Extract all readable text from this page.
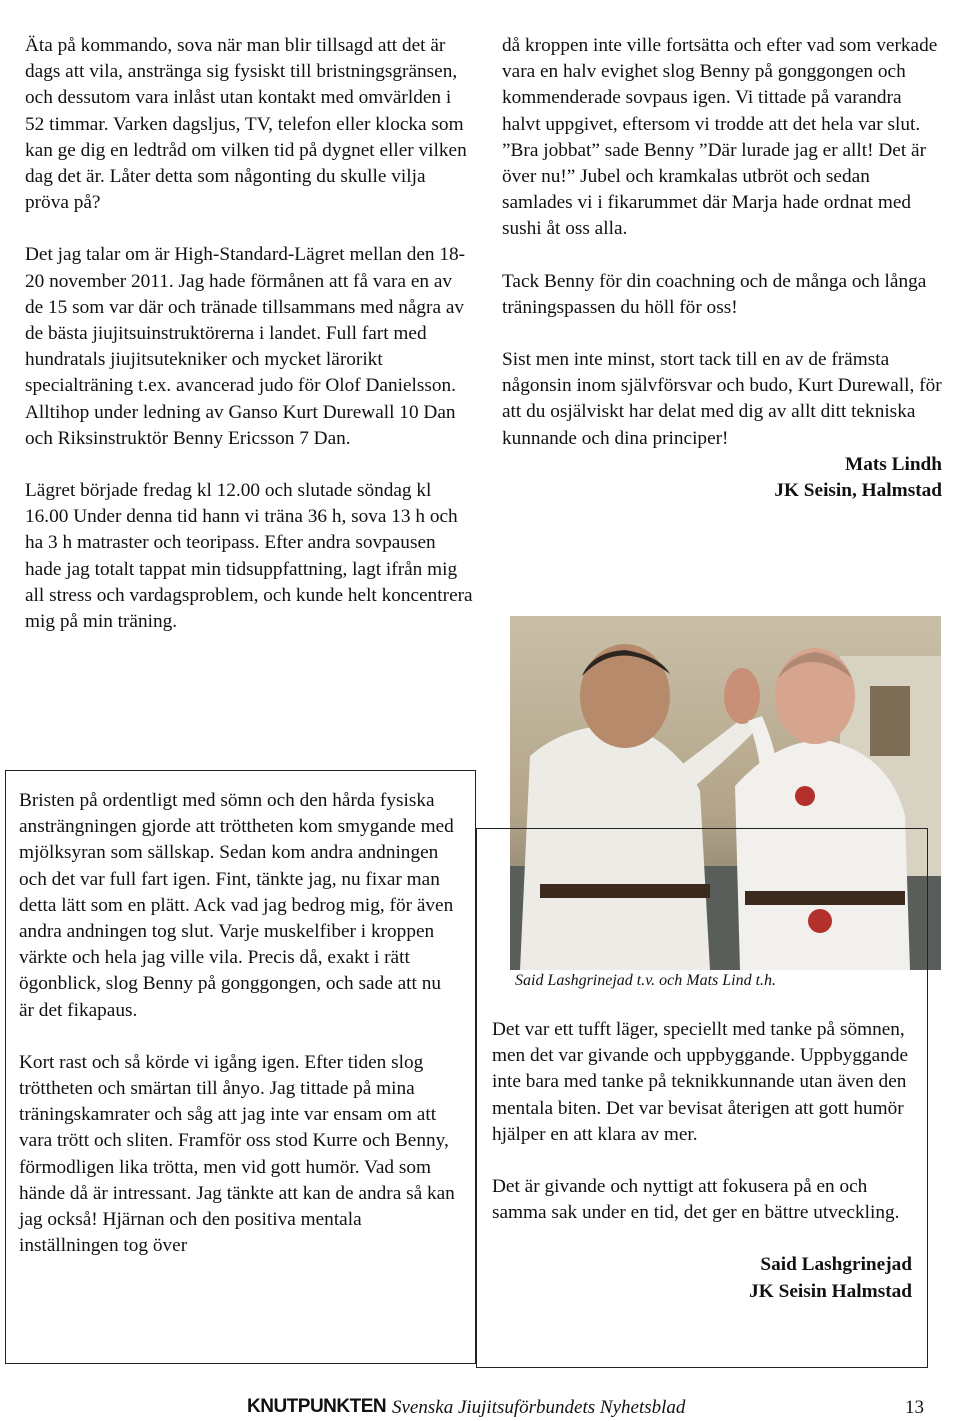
Äta på kommando, sova när man blir tillsagd att det är dags att vila, anstränga sig fysiskt till bristningsgränsen, och dessutom vara inlåst utan kontakt med omvärlden i 52 timmar. Varken dagsljus, TV, telefon eller klocka som kan ge dig en ledtråd om vilken tid på dygnet eller vilken dag det är. Låter detta som någonting du skulle vilja pröva på?

Det jag talar om är High-Standard-Lägret mellan den 18-20 november 2011. Jag hade förmånen att få vara en av de 15 som var där och tränade tillsammans med några av de bästa jiujitsuinstruktörerna i landet. Full fart med hundratals jiujitsutekniker och mycket lärorikt specialträning t.ex. avancerad judo för Olof Danielsson. Alltihop under ledning av Ganso Kurt Durewall 10 Dan och Riksinstruktör Benny Ericsson 7 Dan.

Lägret började fredag kl 12.00 och slutade söndag kl 16.00 Under denna tid hann vi träna 36 h, sova 13 h och ha 3 h matraster och teoripass. Efter andra sovpausen hade jag totalt tappat min tidsuppfattning, lagt ifrån mig all stress och vardagsproblem, och kunde helt koncentrera mig på min träning.

då kroppen inte ville fortsätta och efter vad som verkade vara en halv evighet slog Benny på gonggongen och kommenderade sovpaus igen. Vi tittade på varandra halvt uppgivet, eftersom vi trodde att det hela var slut. ”Bra jobbat” sade Benny ”Där lurade jag er allt! Det är över nu!” Jubel och kramkalas utbröt och sedan samlades vi i fikarummet där Marja hade ordnat med sushi åt oss alla.

Tack Benny för din coachning och de många och långa träningspassen du höll för oss!

Sist men inte minst, stort tack till en av de främsta någonsin inom självförsvar och budo, Kurt Durewall, för att du osjälviskt har delat med dig av allt ditt tekniska kunnande och dina principer!

Mats Lindh

JK Seisin, Halmstad

Said Lashgrinejad t.v. och Mats Lind t.h.

Bristen på ordentligt med sömn och den hårda fysiska ansträngningen gjorde att tröttheten kom smygande med mjölksyran som sällskap. Sedan kom andra andningen och det var full fart igen. Fint, tänkte jag, nu fixar man detta lätt som en plätt. Ack vad jag bedrog mig, för även andra andningen tog slut. Varje muskelfiber i kroppen värkte och hela jag ville vila. Precis då, exakt i rätt ögonblick, slog Benny på gonggongen, och sade att nu är det fikapaus.

Kort rast och så körde vi igång igen. Efter tiden slog tröttheten och smärtan till ånyo. Jag tittade på mina träningskamrater och såg att jag inte var ensam om att vara trött och sliten. Framför oss stod Kurre och Benny, förmodligen lika trötta, men vid gott humör. Vad som hände då är intressant. Jag tänkte att kan de andra så kan jag också! Hjärnan och den positiva mentala inställningen tog över

Det var ett tufft läger, speciellt med tanke på sömnen, men det var givande och uppbyggande. Uppbyggande inte bara med tanke på teknikkunnande utan även den mentala biten. Det var bevisat återigen att gott humör hjälper en att klara av mer.

Det är givande och nyttigt att fokusera på en och samma sak under en tid, det ger en bättre utveckling.

Said Lashgrinejad

JK Seisin Halmstad

KNUTPUNKTEN Svenska Jiujitsuförbundets Nyhetsblad	13
